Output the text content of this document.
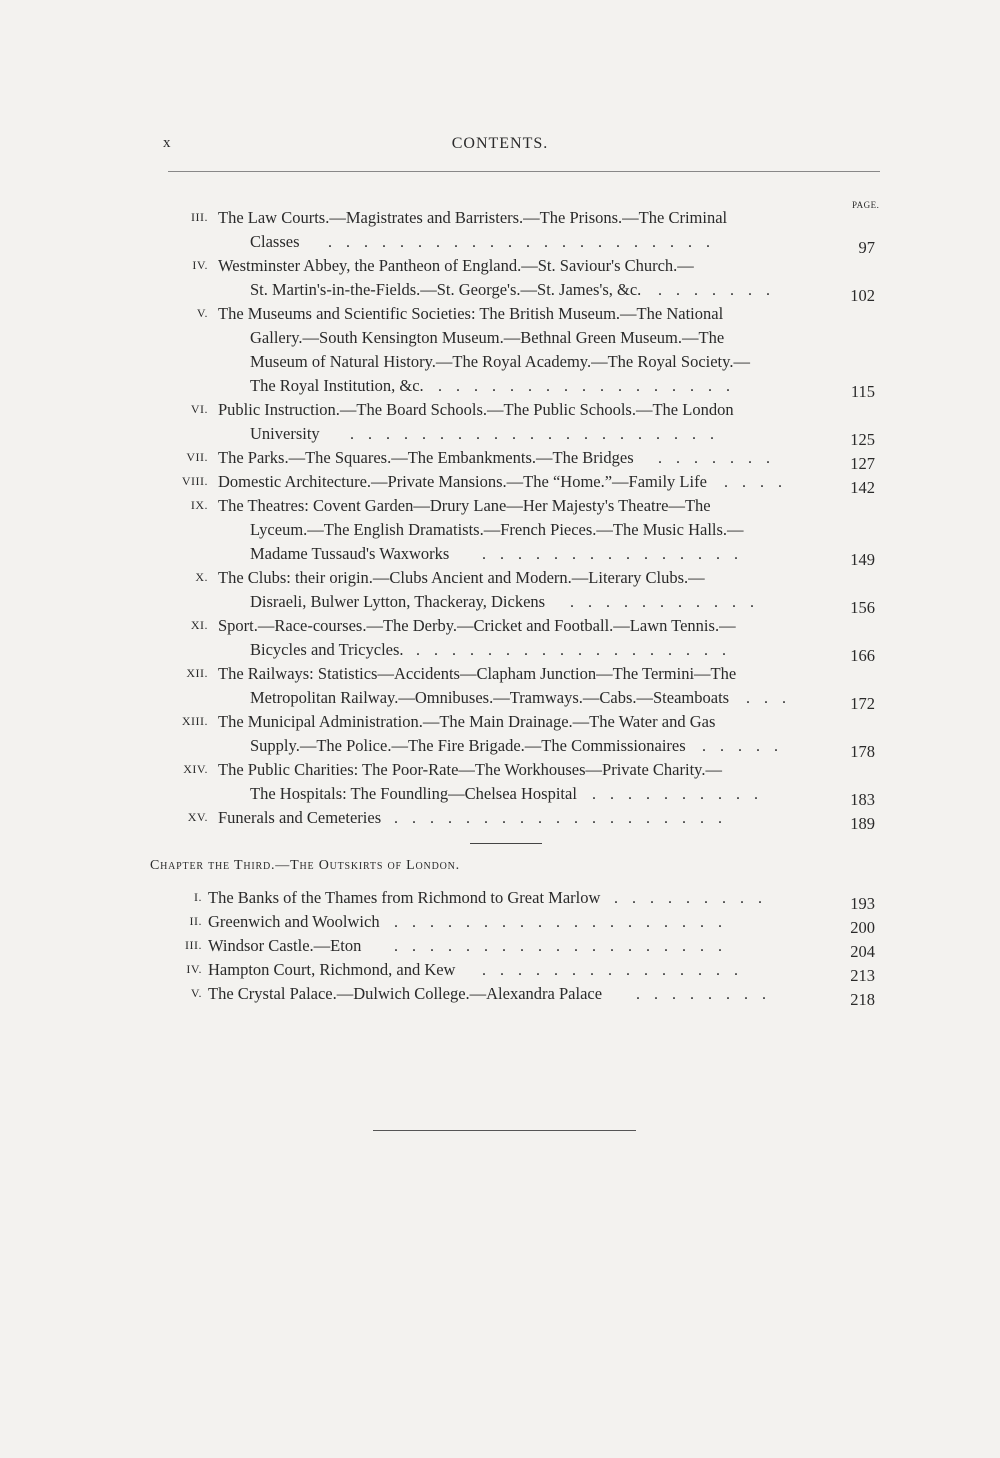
x	CONTENTS.
PAGE.
III. The Law Courts.—Magistrates and Barristers.—The Prisons.—The Criminal
Classes ......................	97
IV. Westminster Abbey, the Pantheon of England.—St. Saviour's Church.—
St. Martin's-in-the-Fields.—St. George's.—St. James's, &c. .......	102
V. The Museums and Scientific Societies: The British Museum.—The National
Gallery.—South Kensington Museum.—Bethnal Green Museum.—The
Museum of Natural History.—The Royal Academy.—The Royal Society.—
The Royal Institution, &c. .................	115
VI. Public Instruction.—The Board Schools.—The Public Schools.—The London
University .....................	125
VII. The Parks.—The Squares.—The Embankments.—The Bridges .......	127
VIII. Domestic Architecture.—Private Mansions.—The “Home.”—Family Life ....	142
IX. The Theatres: Covent Garden—Drury Lane—Her Majesty's Theatre—The
Lyceum.—The English Dramatists.—French Pieces.—The Music Halls.—
Madame Tussaud's Waxworks ...............	149
X. The Clubs: their origin.—Clubs Ancient and Modern.—Literary Clubs.—
Disraeli, Bulwer Lytton, Thackeray, Dickens ...........	156
XI. Sport.—Race-courses.—The Derby.—Cricket and Football.—Lawn Tennis.—
Bicycles and Tricycles. ..................	166
XII. The Railways: Statistics—Accidents—Clapham Junction—The Termini—The
Metropolitan Railway.—Omnibuses.—Tramways.—Cabs.—Steamboats ...	172
XIII. The Municipal Administration.—The Main Drainage.—The Water and Gas
Supply.—The Police.—The Fire Brigade.—The Commissionaires .....	178
XIV. The Public Charities: The Poor-Rate—The Workhouses—Private Charity.—
The Hospitals: The Foundling—Chelsea Hospital ..........	183
XV. Funerals and Cemeteries ...................	189
Chapter the Third.—The Outskirts of London.
I. The Banks of the Thames from Richmond to Great Marlow .........	193
II. Greenwich and Woolwich ...................	200
III. Windsor Castle.—Eton ...................	204
IV. Hampton Court, Richmond, and Kew ...............	213
V. The Crystal Palace.—Dulwich College.—Alexandra Palace ........	218
